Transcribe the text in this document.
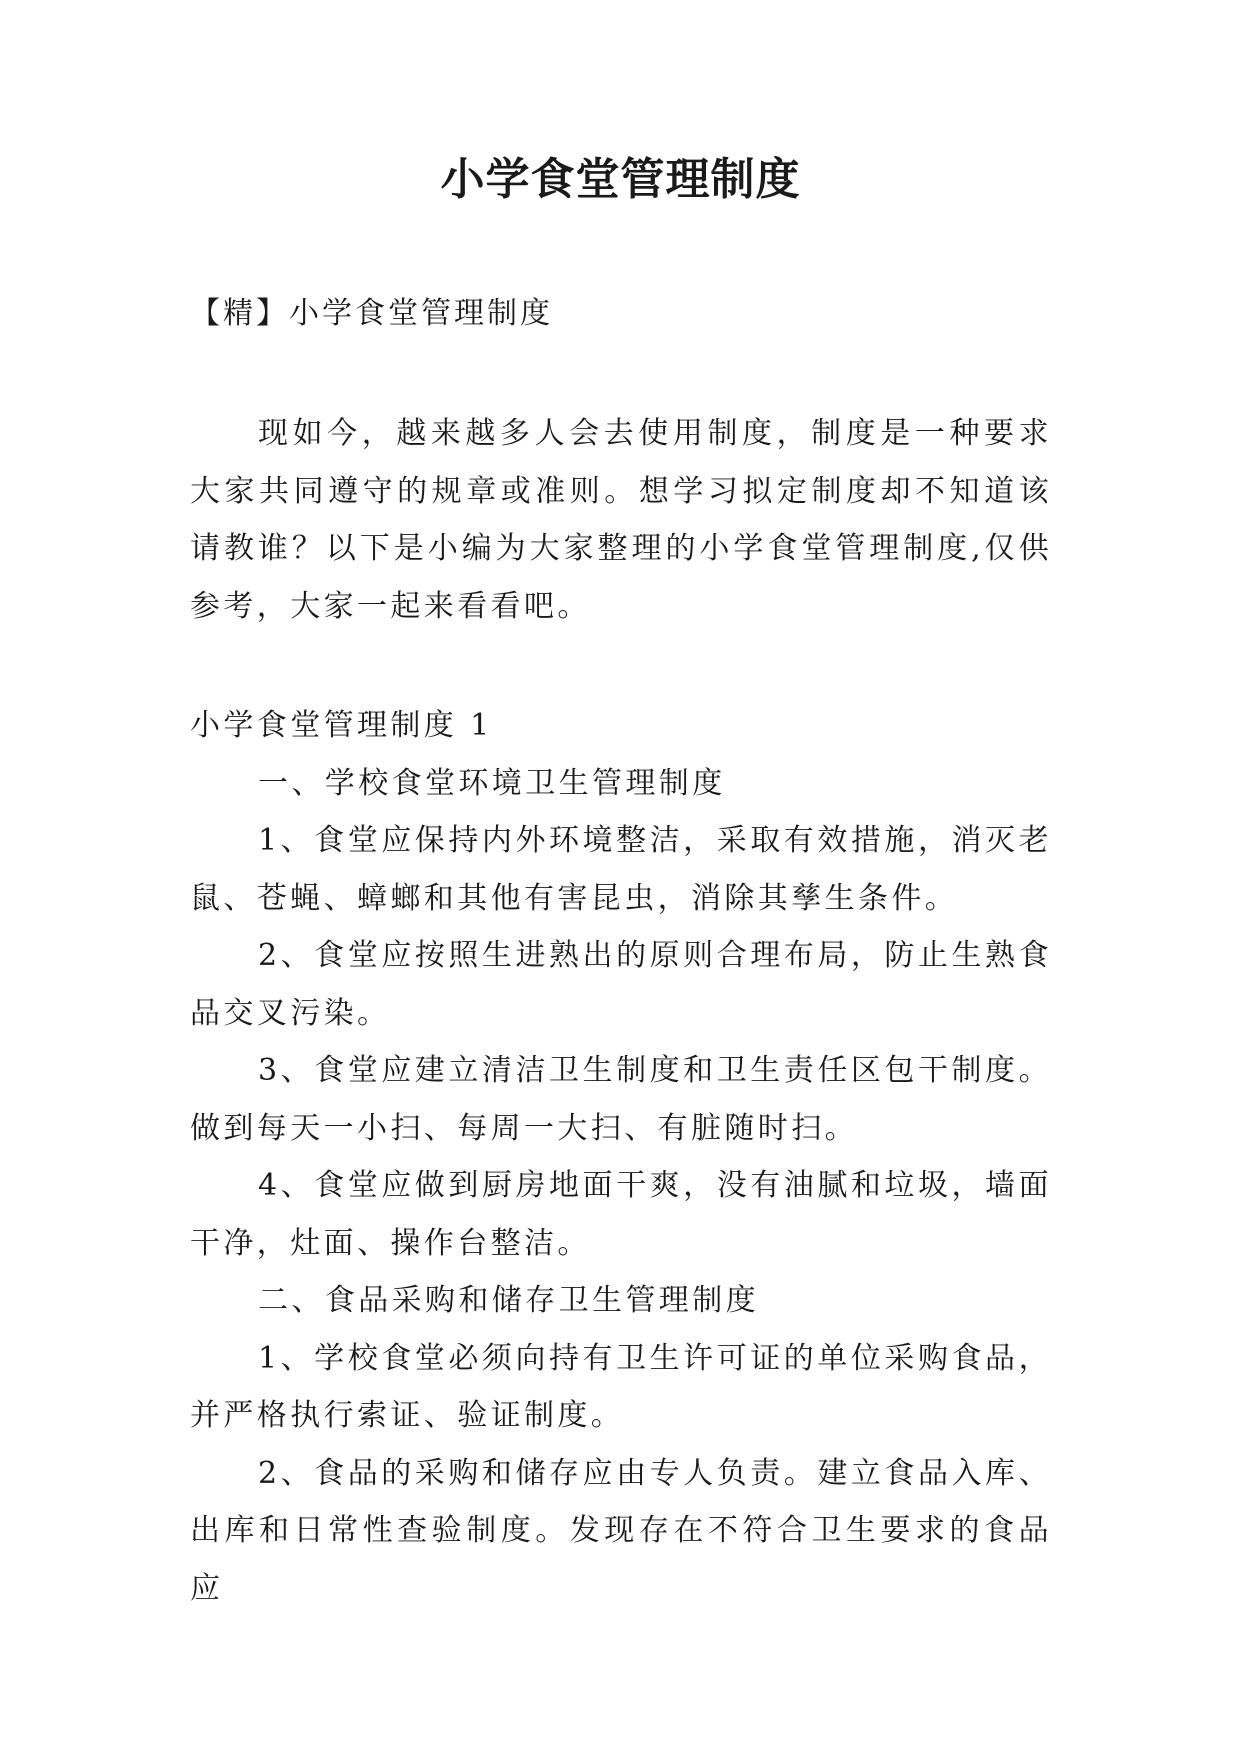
小学食堂管理制度

【精】小学食堂管理制度

现如今，越来越多人会去使用制度，制度是一种要求大家共同遵守的规章或准则。想学习拟定制度却不知道该请教谁？以下是小编为大家整理的小学食堂管理制度,仅供参考，大家一起来看看吧。

小学食堂管理制度 1

一、学校食堂环境卫生管理制度

1、食堂应保持内外环境整洁，采取有效措施，消灭老鼠、苍蝇、蟑螂和其他有害昆虫，消除其孳生条件。

2、食堂应按照生进熟出的原则合理布局，防止生熟食品交叉污染。

3、食堂应建立清洁卫生制度和卫生责任区包干制度。做到每天一小扫、每周一大扫、有脏随时扫。

4、食堂应做到厨房地面干爽，没有油腻和垃圾，墙面干净，灶面、操作台整洁。

二、食品采购和储存卫生管理制度

1、学校食堂必须向持有卫生许可证的单位采购食品，并严格执行索证、验证制度。

2、食品的采购和储存应由专人负责。建立食品入库、出库和日常性查验制度。发现存在不符合卫生要求的食品应
